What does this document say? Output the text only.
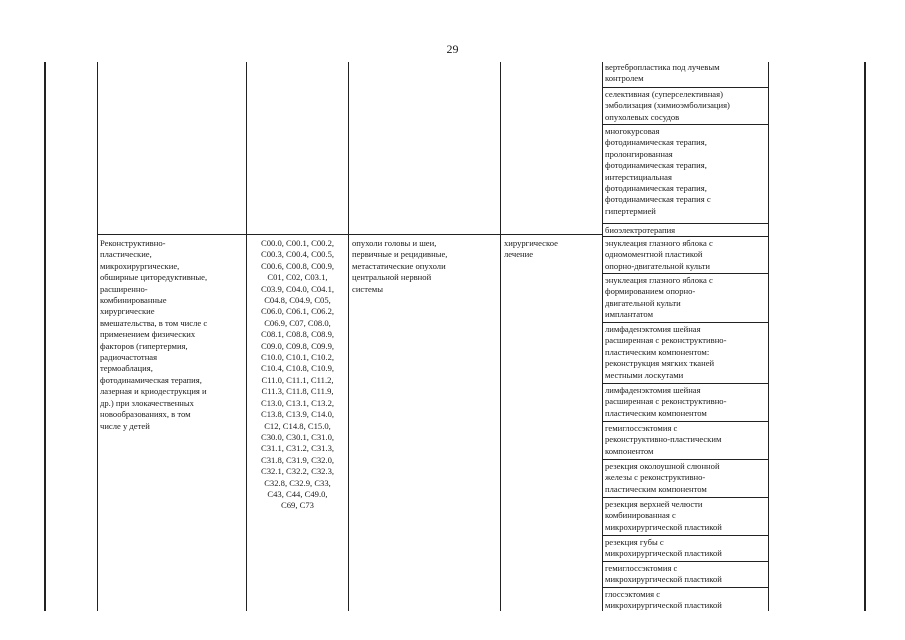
29
вертебропластика под лучевым
контролем
селективная (суперселективная)
эмболизация (химиоэмболизация)
опухолевых сосудов
многокурсовая
фотодинамическая терапия,
пролонгированная
фотодинамическая терапия,
интерстициальная
фотодинамическая терапия,
фотодинамическая терапия с
гипертермией
биоэлектротерапия
Реконструктивно-
пластические,
микрохирургические,
обширные циторедуктивные,
расширенно-
комбинированные
хирургические
вмешательства, в том числе с
применением физических
факторов (гипертермия,
радиочастотная
термоаблация,
фотодинамическая терапия,
лазерная и криодеструкция и
др.) при злокачественных
новообразованиях, в том
числе у детей
C00.0, C00.1, C00.2,
C00.3, C00.4, C00.5,
C00.6, C00.8, C00.9,
C01, C02, C03.1,
C03.9, C04.0, C04.1,
C04.8, C04.9, C05,
C06.0, C06.1, C06.2,
C06.9, C07, C08.0,
C08.1, C08.8, C08.9,
C09.0, C09.8, C09.9,
C10.0, C10.1, C10.2,
C10.4, C10.8, C10.9,
C11.0, C11.1, C11.2,
C11.3, C11.8, C11.9,
C13.0, C13.1, C13.2,
C13.8, C13.9, C14.0,
C12, C14.8, C15.0,
C30.0, C30.1, C31.0,
C31.1, C31.2, C31.3,
C31.8, C31.9, C32.0,
C32.1, C32.2, C32.3,
C32.8, C32.9, C33,
C43, C44, C49.0,
C69, C73
опухоли головы и шеи,
первичные и рецидивные,
метастатические опухоли
центральной нервной
системы
хирургическое
лечение
энуклеация глазного яблока с
одномоментной пластикой
опорно-двигательной культи
энуклеация глазного яблока с
формированием опорно-
двигательной культи
имплантатом
лимфаденэктомия шейная
расширенная с реконструктивно-
пластическим компонентом:
реконструкция мягких тканей
местными лоскутами
лимфаденэктомия шейная
расширенная с реконструктивно-
пластическим компонентом
гемиглоссэктомия с
реконструктивно-пластическим
компонентом
резекция околоушной слюнной
железы с реконструктивно-
пластическим компонентом
резекция верхней челюсти
комбинированная с
микрохирургической пластикой
резекция губы с
микрохирургической пластикой
гемиглоссэктомия с
микрохирургической пластикой
глоссэктомия с
микрохирургической пластикой
